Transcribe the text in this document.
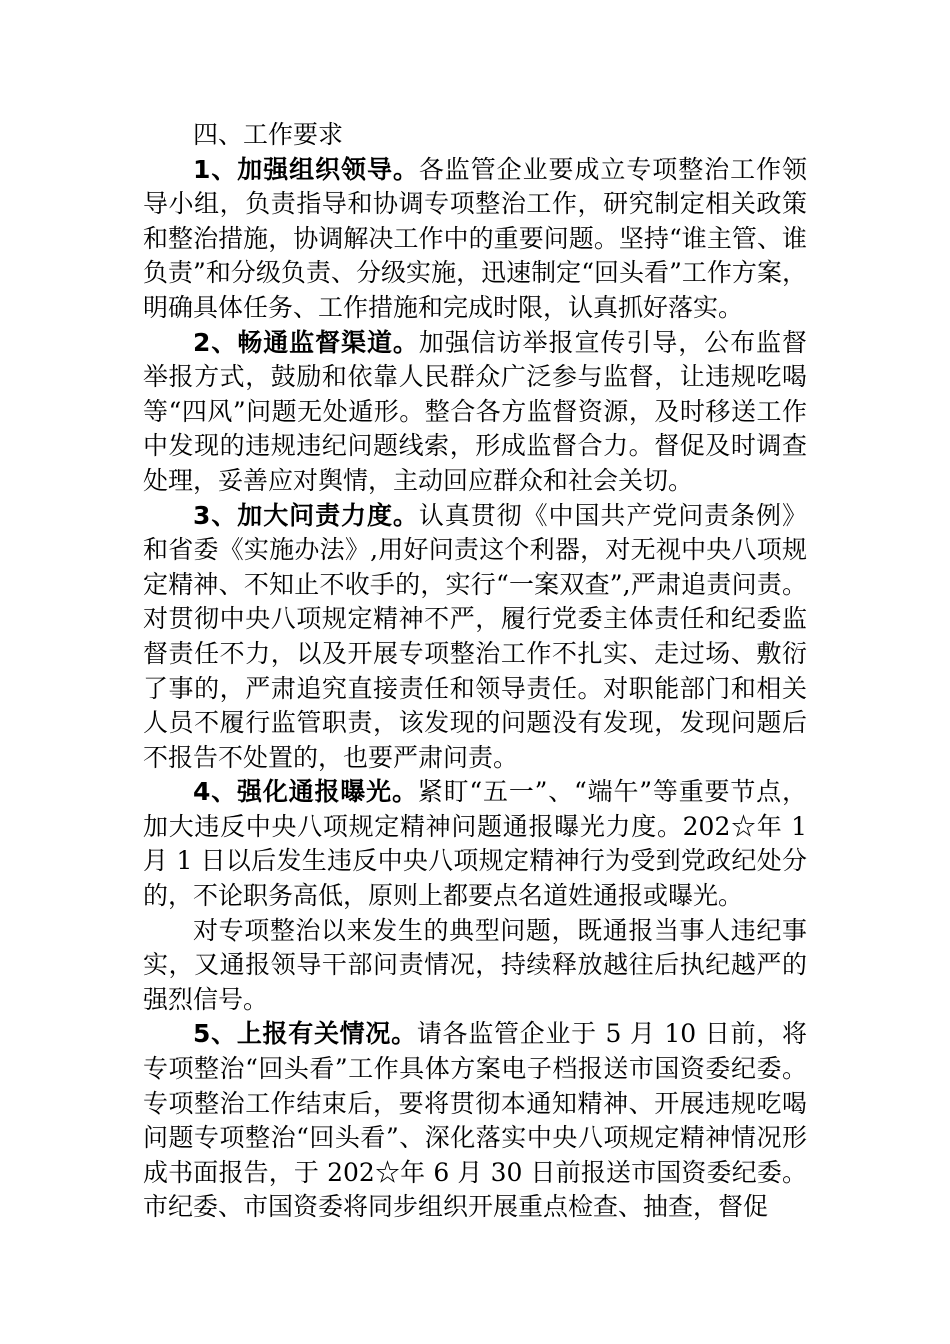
四、工作要求

1、加强组织领导。各监管企业要成立专项整治工作领导小组，负责指导和协调专项整治工作，研究制定相关政策和整治措施，协调解决工作中的重要问题。坚持“谁主管、谁负责”和分级负责、分级实施，迅速制定“回头看”工作方案，明确具体任务、工作措施和完成时限，认真抓好落实。

2、畅通监督渠道。加强信访举报宣传引导，公布监督举报方式，鼓励和依靠人民群众广泛参与监督，让违规吃喝等“四风”问题无处遁形。整合各方监督资源，及时移送工作中发现的违规违纪问题线索，形成监督合力。督促及时调查处理，妥善应对舆情，主动回应群众和社会关切。

3、加大问责力度。认真贯彻《中国共产党问责条例》和省委《实施办法》,用好问责这个利器，对无视中央八项规定精神、不知止不收手的，实行“一案双查”,严肃追责问责。对贯彻中央八项规定精神不严，履行党委主体责任和纪委监督责任不力，以及开展专项整治工作不扎实、走过场、敷衍了事的，严肃追究直接责任和领导责任。对职能部门和相关人员不履行监管职责，该发现的问题没有发现，发现问题后不报告不处置的，也要严肃问责。

4、强化通报曝光。紧盯“五一”、“端午”等重要节点，加大违反中央八项规定精神问题通报曝光力度。202☆年 1 月 1 日以后发生违反中央八项规定精神行为受到党政纪处分的，不论职务高低，原则上都要点名道姓通报或曝光。

对专项整治以来发生的典型问题，既通报当事人违纪事实，又通报领导干部问责情况，持续释放越往后执纪越严的强烈信号。

5、上报有关情况。请各监管企业于 5 月 10 日前，将专项整治“回头看”工作具体方案电子档报送市国资委纪委。专项整治工作结束后，要将贯彻本通知精神、开展违规吃喝问题专项整治“回头看”、深化落实中央八项规定精神情况形成书面报告，于 202☆年 6 月 30 日前报送市国资委纪委。市纪委、市国资委将同步组织开展重点检查、抽查，督促
